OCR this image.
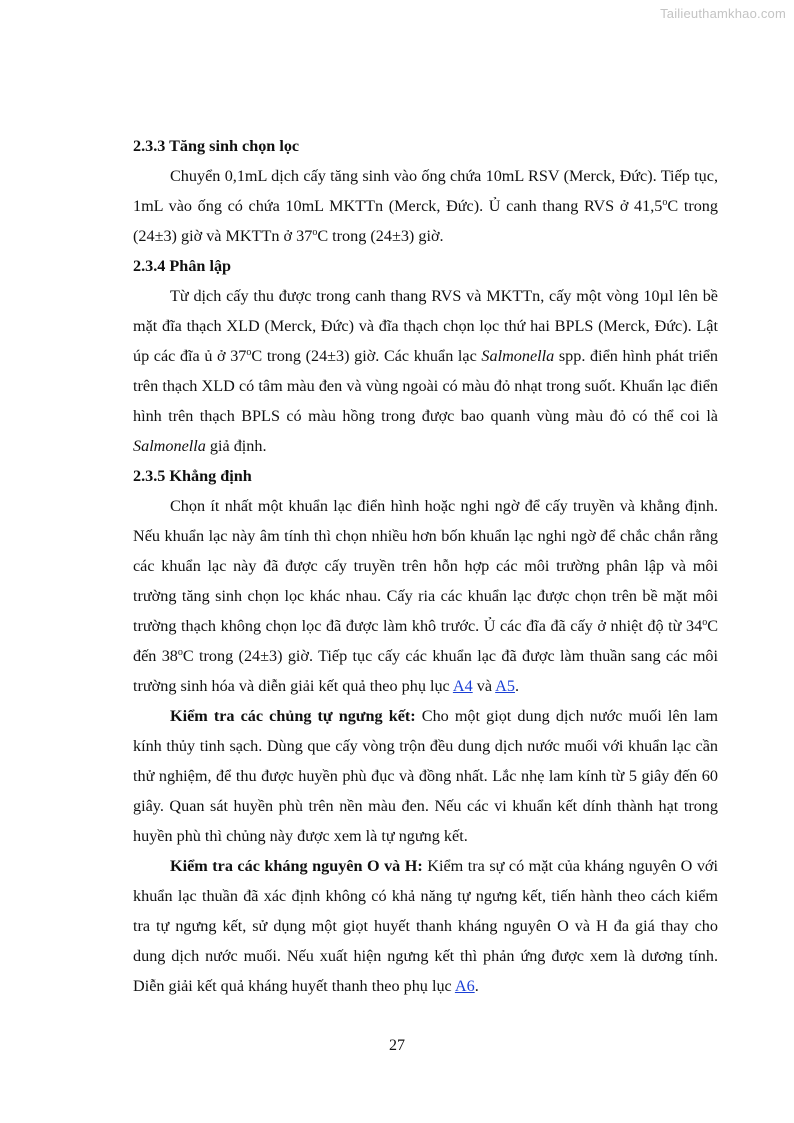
Tailieuthamkhao.com
2.3.3 Tăng sinh chọn lọc

Chuyển 0,1mL dịch cấy tăng sinh vào ống chứa 10mL RSV (Merck, Đức). Tiếp tục, 1mL vào ống có chứa 10mL MKTTn (Merck, Đức). Ủ canh thang RVS ở 41,5$^o$C trong (24±3) giờ và MKTTn ở 37$^o$C trong (24±3) giờ.

2.3.4 Phân lập

Từ dịch cấy thu được trong canh thang RVS và MKTTn, cấy một vòng 10µl lên bề mặt đĩa thạch XLD (Merck, Đức) và đĩa thạch chọn lọc thứ hai BPLS (Merck, Đức). Lật úp các đĩa ủ ở 37$^o$C trong (24±3) giờ. Các khuẩn lạc Salmonella spp. điển hình phát triển trên thạch XLD có tâm màu đen và vùng ngoài có màu đỏ nhạt trong suốt. Khuẩn lạc điển hình trên thạch BPLS có màu hồng trong được bao quanh vùng màu đỏ có thể coi là Salmonella giả định.

2.3.5 Khẳng định

Chọn ít nhất một khuẩn lạc điển hình hoặc nghi ngờ để cấy truyền và khẳng định. Nếu khuẩn lạc này âm tính thì chọn nhiều hơn bốn khuẩn lạc nghi ngờ để chắc chắn rằng các khuẩn lạc này đã được cấy truyền trên hỗn hợp các môi trường phân lập và môi trường tăng sinh chọn lọc khác nhau. Cấy ria các khuẩn lạc được chọn trên bề mặt môi trường thạch không chọn lọc đã được làm khô trước. Ủ các đĩa đã cấy ở nhiệt độ từ 34$^o$C đến 38$^o$C trong (24±3) giờ. Tiếp tục cấy các khuẩn lạc đã được làm thuần sang các môi trường sinh hóa và diễn giải kết quả theo phụ lục A4 và A5.

Kiểm tra các chủng tự ngưng kết: Cho một giọt dung dịch nước muối lên lam kính thủy tinh sạch. Dùng que cấy vòng trộn đều dung dịch nước muối với khuẩn lạc cần thử nghiệm, để thu được huyền phù đục và đồng nhất. Lắc nhẹ lam kính từ 5 giây đến 60 giây. Quan sát huyền phù trên nền màu đen. Nếu các vi khuẩn kết dính thành hạt trong huyền phù thì chủng này được xem là tự ngưng kết.

Kiểm tra các kháng nguyên O và H: Kiểm tra sự có mặt của kháng nguyên O với khuẩn lạc thuần đã xác định không có khả năng tự ngưng kết, tiến hành theo cách kiểm tra tự ngưng kết, sử dụng một giọt huyết thanh kháng nguyên O và H đa giá thay cho dung dịch nước muối. Nếu xuất hiện ngưng kết thì phản ứng được xem là dương tính. Diễn giải kết quả kháng huyết thanh theo phụ lục A6.

27
